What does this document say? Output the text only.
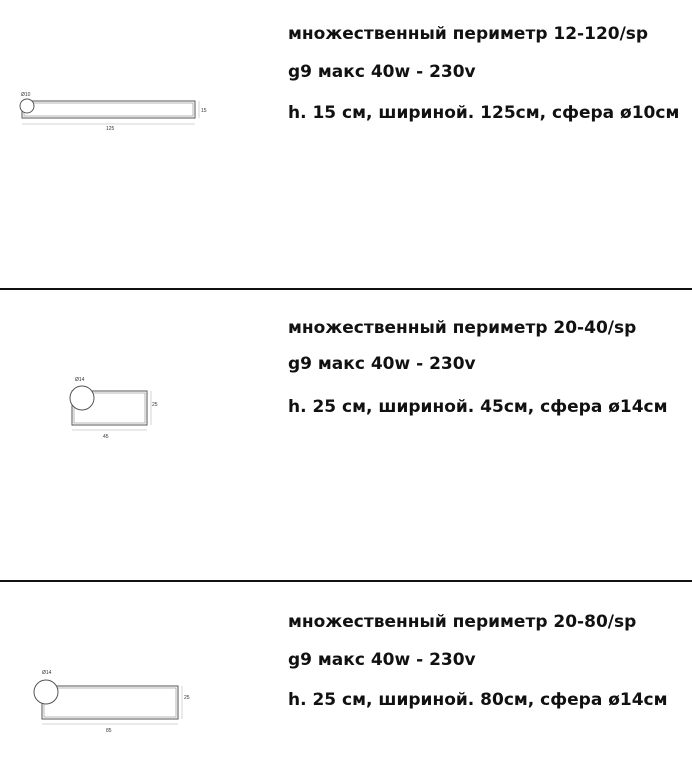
Ø10
15
125
множественный периметр 12-120/sp
g9 макс 40w - 230v
h. 15 см, шириной. 125см, сфера ø10см
Ø14
25
45
множественный периметр 20-40/sp
g9 макс 40w - 230v
h. 25 см, шириной. 45см, сфера ø14см
Ø14
25
85
множественный периметр 20-80/sp
g9 макс 40w - 230v
h. 25 см, шириной. 80см, сфера ø14см
